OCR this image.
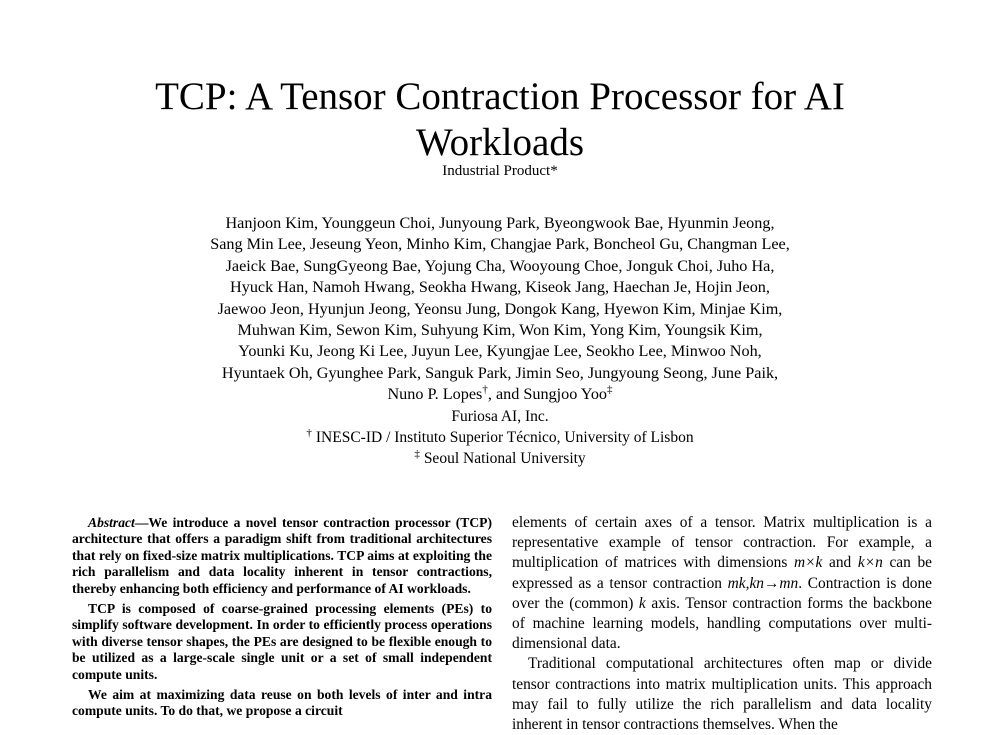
TCP: A Tensor Contraction Processor for AI Workloads
Industrial Product*
Hanjoon Kim, Younggeun Choi, Junyoung Park, Byeongwook Bae, Hyunmin Jeong,
Sang Min Lee, Jeseung Yeon, Minho Kim, Changjae Park, Boncheol Gu, Changman Lee,
Jaeick Bae, SungGyeong Bae, Yojung Cha, Wooyoung Choe, Jonguk Choi, Juho Ha,
Hyuck Han, Namoh Hwang, Seokha Hwang, Kiseok Jang, Haechan Je, Hojin Jeon,
Jaewoo Jeon, Hyunjun Jeong, Yeonsu Jung, Dongok Kang, Hyewon Kim, Minjae Kim,
Muhwan Kim, Sewon Kim, Suhyung Kim, Won Kim, Yong Kim, Youngsik Kim,
Younki Ku, Jeong Ki Lee, Juyun Lee, Kyungjae Lee, Seokho Lee, Minwoo Noh,
Hyuntaek Oh, Gyunghee Park, Sanguk Park, Jimin Seo, Jungyoung Seong, June Paik,
Nuno P. Lopes†, and Sungjoo Yoo‡
Furiosa AI, Inc.
† INESC-ID / Instituto Superior Técnico, University of Lisbon
‡ Seoul National University

Abstract—We introduce a novel tensor contraction processor (TCP) architecture that offers a paradigm shift from traditional architectures that rely on fixed-size matrix multiplications. TCP aims at exploiting the rich parallelism and data locality inherent in tensor contractions, thereby enhancing both efficiency and performance of AI workloads.

TCP is composed of coarse-grained processing elements (PEs) to simplify software development. In order to efficiently process operations with diverse tensor shapes, the PEs are designed to be flexible enough to be utilized as a large-scale single unit or a set of small independent compute units.

We aim at maximizing data reuse on both levels of inter and intra compute units. To do that, we propose a circuit

elements of certain axes of a tensor. Matrix multiplication is a representative example of tensor contraction. For example, a multiplication of matrices with dimensions m×k and k×n can be expressed as a tensor contraction mk,kn→mn. Contraction is done over the (common) k axis. Tensor contraction forms the backbone of machine learning models, handling computations over multi-dimensional data.

Traditional computational architectures often map or divide tensor contractions into matrix multiplication units. This approach may fail to fully utilize the rich parallelism and data locality inherent in tensor contractions themselves. When the
